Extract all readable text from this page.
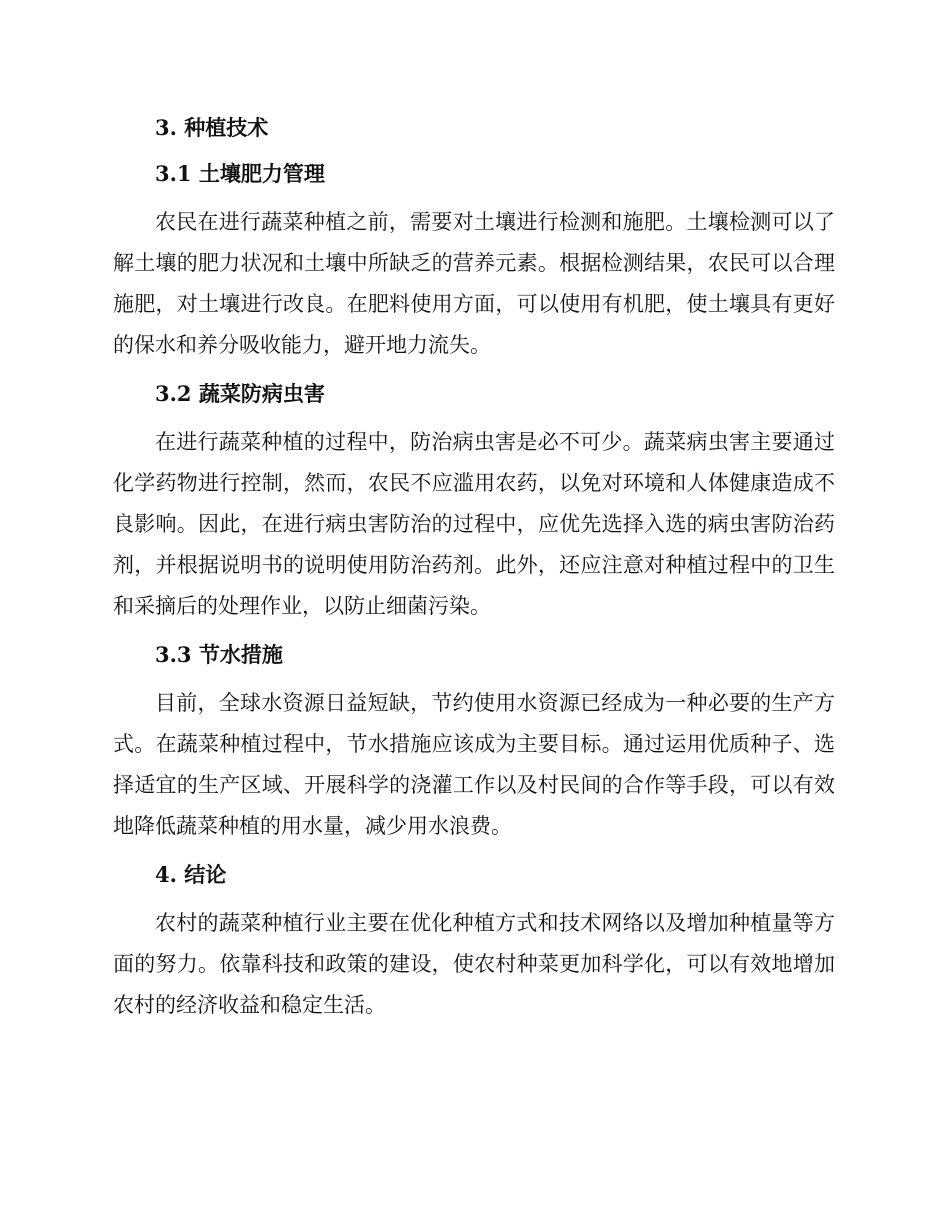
3. 种植技术
3.1 土壤肥力管理

农民在进行蔬菜种植之前，需要对土壤进行检测和施肥。土壤检测可以了解土壤的肥力状况和土壤中所缺乏的营养元素。根据检测结果，农民可以合理施肥，对土壤进行改良。在肥料使用方面，可以使用有机肥，使土壤具有更好的保水和养分吸收能力，避开地力流失。

3.2 蔬菜防病虫害

在进行蔬菜种植的过程中，防治病虫害是必不可少。蔬菜病虫害主要通过化学药物进行控制，然而，农民不应滥用农药，以免对环境和人体健康造成不良影响。因此，在进行病虫害防治的过程中，应优先选择入选的病虫害防治药剂，并根据说明书的说明使用防治药剂。此外，还应注意对种植过程中的卫生和采摘后的处理作业，以防止细菌污染。

3.3 节水措施

目前，全球水资源日益短缺，节约使用水资源已经成为一种必要的生产方式。在蔬菜种植过程中，节水措施应该成为主要目标。通过运用优质种子、选择适宜的生产区域、开展科学的浇灌工作以及村民间的合作等手段，可以有效地降低蔬菜种植的用水量，减少用水浪费。

4. 结论

农村的蔬菜种植行业主要在优化种植方式和技术网络以及增加种植量等方面的努力。依靠科技和政策的建设，使农村种菜更加科学化，可以有效地增加农村的经济收益和稳定生活。
